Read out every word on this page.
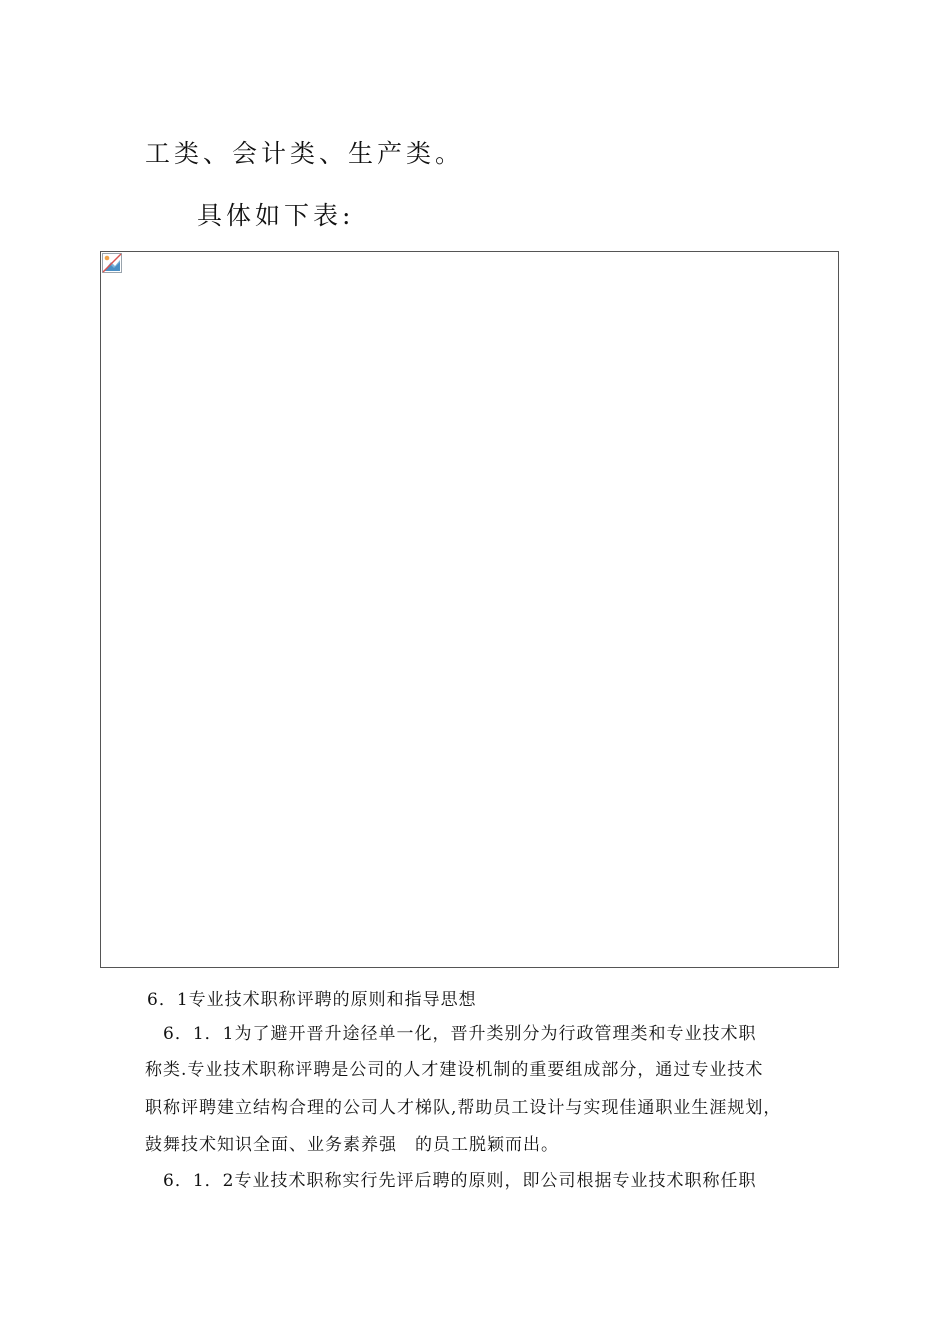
工类、会计类、生产类。
具体如下表:
6．1专业技术职称评聘的原则和指导思想
6．1．1为了避开晋升途径单一化，晋升类别分为行政管理类和专业技术职
称类.专业技术职称评聘是公司的人才建设机制的重要组成部分，通过专业技术
职称评聘建立结构合理的公司人才梯队,帮助员工设计与实现佳通职业生涯规划，
鼓舞技术知识全面、业务素养强　的员工脱颖而出。
6．1．2专业技术职称实行先评后聘的原则，即公司根据专业技术职称任职
